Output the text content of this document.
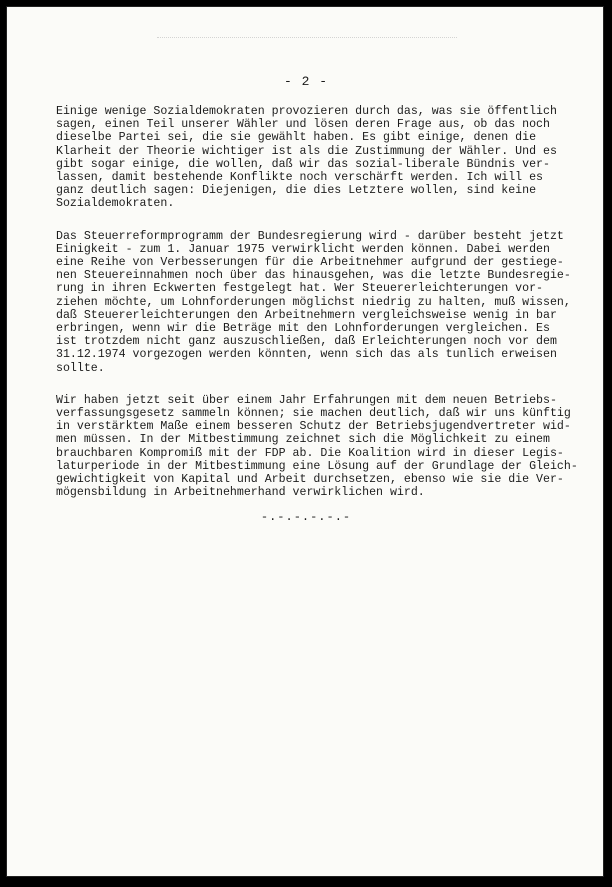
- 2 -

Einige wenige Sozialdemokraten provozieren durch das, was sie öffentlich
sagen, einen Teil unserer Wähler und lösen deren Frage aus, ob das noch
dieselbe Partei sei, die sie gewählt haben. Es gibt einige, denen die
Klarheit der Theorie wichtiger ist als die Zustimmung der Wähler. Und es
gibt sogar einige, die wollen, daß wir das sozial-liberale Bündnis ver-
lassen, damit bestehende Konflikte noch verschärft werden. Ich will es
ganz deutlich sagen: Diejenigen, die dies Letztere wollen, sind keine
Sozialdemokraten.

Das Steuerreformprogramm der Bundesregierung wird - darüber besteht jetzt
Einigkeit - zum 1. Januar 1975 verwirklicht werden können. Dabei werden
eine Reihe von Verbesserungen für die Arbeitnehmer aufgrund der gestiege-
nen Steuereinnahmen noch über das hinausgehen, was die letzte Bundesregie-
rung in ihren Eckwerten festgelegt hat. Wer Steuererleichterungen vor-
ziehen möchte, um Lohnforderungen möglichst niedrig zu halten, muß wissen,
daß Steuererleichterungen den Arbeitnehmern vergleichsweise wenig in bar
erbringen, wenn wir die Beträge mit den Lohnforderungen vergleichen. Es
ist trotzdem nicht ganz auszuschließen, daß Erleichterungen noch vor dem
31.12.1974 vorgezogen werden könnten, wenn sich das als tunlich erweisen
sollte.

Wir haben jetzt seit über einem Jahr Erfahrungen mit dem neuen Betriebs-
verfassungsgesetz sammeln können; sie machen deutlich, daß wir uns künftig
in verstärktem Maße einem besseren Schutz der Betriebsjugendvertreter wid-
men müssen. In der Mitbestimmung zeichnet sich die Möglichkeit zu einem
brauchbaren Kompromiß mit der FDP ab. Die Koalition wird in dieser Legis-
laturperiode in der Mitbestimmung eine Lösung auf der Grundlage der Gleich-
gewichtigkeit von Kapital und Arbeit durchsetzen, ebenso wie sie die Ver-
mögensbildung in Arbeitnehmerhand verwirklichen wird.

-.-.-.-.-.-
